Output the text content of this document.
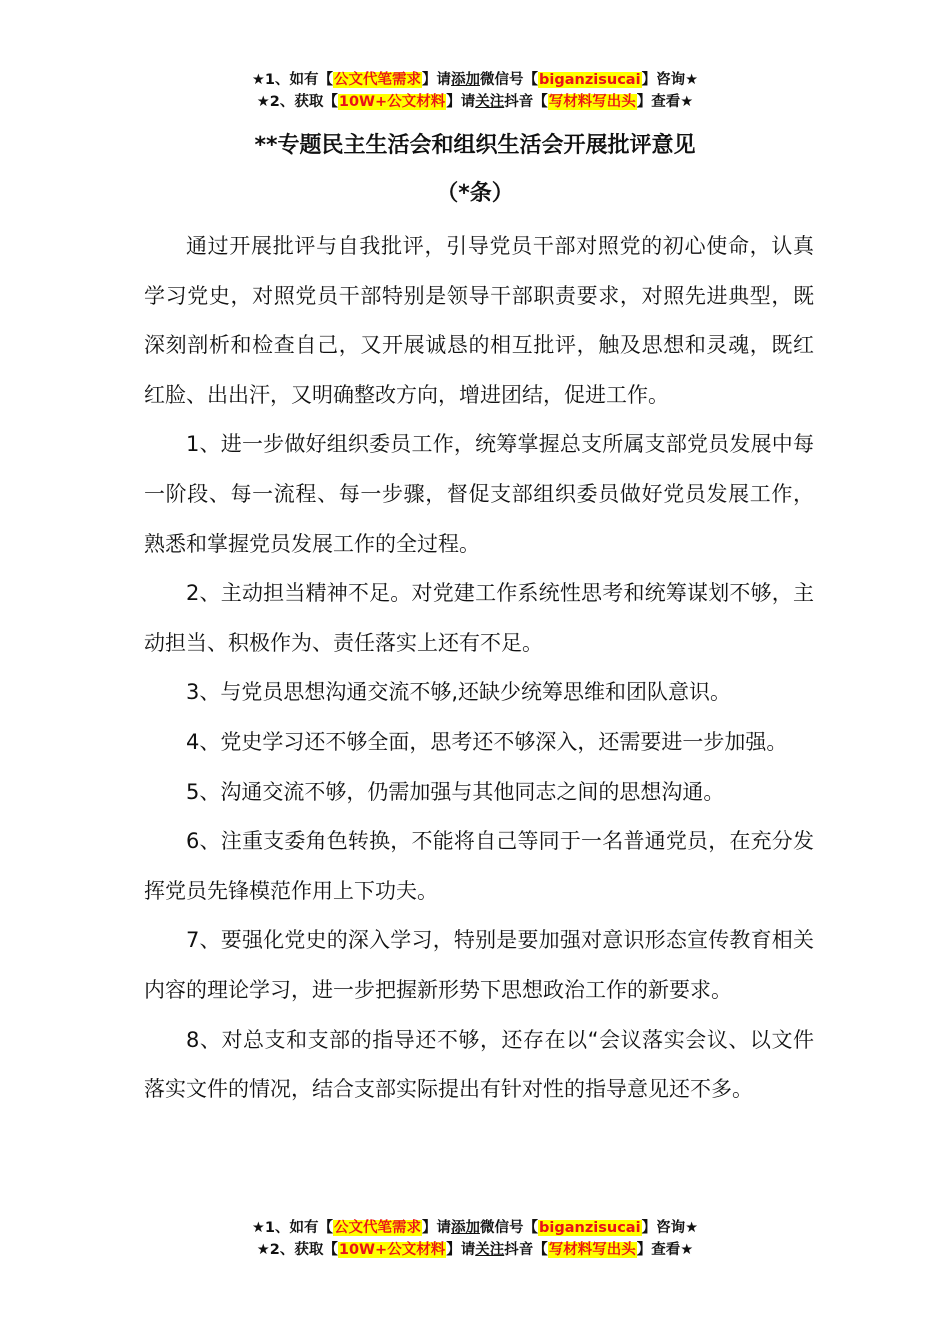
★1、如有【公文代笔需求】请添加微信号【biganzisucai】咨询★
★2、获取【10W+公文材料】请关注抖音【写材料写出头】查看★
**专题民主生活会和组织生活会开展批评意见
（*条）

通过开展批评与自我批评，引导党员干部对照党的初心使命，认真学习党史，对照党员干部特别是领导干部职责要求，对照先进典型，既深刻剖析和检查自己，又开展诚恳的相互批评，触及思想和灵魂，既红红脸、出出汗，又明确整改方向，增进团结，促进工作。

1、进一步做好组织委员工作，统筹掌握总支所属支部党员发展中每一阶段、每一流程、每一步骤，督促支部组织委员做好党员发展工作，熟悉和掌握党员发展工作的全过程。

2、主动担当精神不足。对党建工作系统性思考和统筹谋划不够，主动担当、积极作为、责任落实上还有不足。

3、与党员思想沟通交流不够,还缺少统筹思维和团队意识。

4、党史学习还不够全面，思考还不够深入，还需要进一步加强。

5、沟通交流不够，仍需加强与其他同志之间的思想沟通。

6、注重支委角色转换，不能将自己等同于一名普通党员，在充分发挥党员先锋模范作用上下功夫。

7、要强化党史的深入学习，特别是要加强对意识形态宣传教育相关内容的理论学习，进一步把握新形势下思想政治工作的新要求。

8、对总支和支部的指导还不够，还存在以“会议落实会议、以文件落实文件的情况，结合支部实际提出有针对性的指导意见还不多。

★1、如有【公文代笔需求】请添加微信号【biganzisucai】咨询★
★2、获取【10W+公文材料】请关注抖音【写材料写出头】查看★
